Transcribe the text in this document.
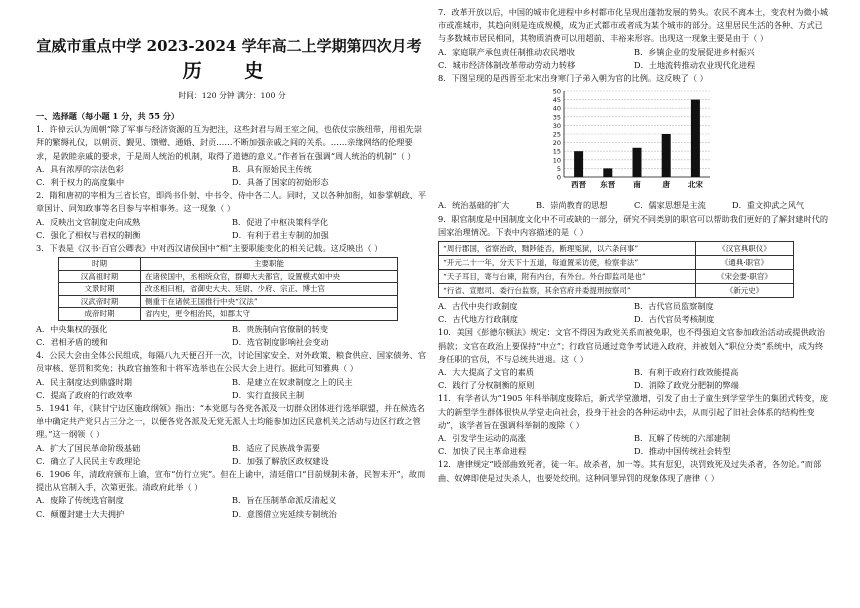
宣威市重点中学 2023-2024 学年高二上学期第四次月考
历 史
时间：120 分钟 满分：100 分
一、选择题（每小题 1 分，共 55 分）

1．许倬云认为周朝“除了军事与经济资源的互为把注，这些封君与周王室之间，也依仗宗族纽带，用祖先崇拜的繁缛礼仪，以朝贡、觐见、馈赠、通婚、封贡……不断加强亲戚之间的关系。……亲缘网络的伦理要求，是敦睦亲戚的要求，于是周人统治的机制，取得了道德的意义。”作者旨在强调“周人统治的机制”（ ）

A．具有浓厚的宗法色彩	B．具有原始民主传统
C．利于权力的高度集中	D．具备了国家的初始形态

2．隋和唐初的宰相为三省长官，即尚书仆射、中书令、侍中各二人。同时，又以各种加衔，如参掌朝政、平章国计、同知政事等名目参与宰相事务。这一现象（ ）

A．反映出文官制度走向成熟	B．促进了中枢决策科学化
C．强化了相权与君权的制衡	D．有利于君主专制的加强

3．下表是《汉书·百官公卿表》中对西汉诸侯国中“相”主要职能变化的相关记载。这反映出（ ）

时期	主要职能
汉高祖时期	在诸侯国中，丞相统众官，群卿大夫都官，设置模式如中央
文景时期	改丞相曰相，省御史大夫、廷尉、少府、宗正、博士官
汉武帝时期	侧重于在诸侯王国推行中央“汉法”
成帝时期	省内史，更令相治民，如郡太守
A．中央集权的强化	B．贵族制向官僚制的转变
C．君相矛盾的缓和	D．选官制度影响社会变动

4．公民大会由全体公民组成，每隔八九天便召开一次，讨论国家安全、对外政策、粮食供应、国家债务、官员审核、惩罚和奖免；执政官抽签和十将军选举也在公民大会上进行。据此可知雅典（ ）

A．民主制度达到鼎盛时期	B．是建立在奴隶制度之上的民主
C．提高了政府的行政效率	D．实行直接民主制

5．1941 年，《陕甘宁边区施政纲领》指出：“本党愿与各党各派及一切群众团体进行选举联盟，并在候选名单中确定共产党只占三分之一，以便各党各派及无党无派人士均能参加边区民意机关之活动与边区行政之管理。”这一纲领（ ）

A．扩大了国民革命阶级基础	B．适应了民族战争需要
C．确立了人民民主专政理论	D．加强了解放区政权建设

6．1906 年，清政府颁布上谕，宣布“仿行立宪”。但在上谕中，清廷借口“目前规制未备，民智未开”，故而提出从官制入手，次第更张。清政府此举（ ）

A．废除了传统选官制度	B．旨在压制革命派反清起义
C．颠覆封建士大夫拥护	D．意图借立宪延续专制统治

7．改革开放以后，中国的城市化进程中乡村都市化呈现出蓬勃发展的势头。农民不离本土，变农村为微小城市或准城市，其趋向则是连成规模，成为正式都市或者成为某个城市的部分。这里居民生活的各种、方式已与多数城市居民相同，其物质消费可以用超前、丰裕来形容。出现这一现象主要是由于（ ）

A．家庭联产承包责任制推动农民增收	B．乡镇企业的发展促进乡村振兴
C．城市经济体制改革带动劳动力转移	D．土地流转推动农业现代化进程

8．下图呈现的是西晋至北宋出身寒门子弟入朝为官的比例。这反映了（ ）

50
45
40
35
30
25
20
15
10
5
0
西晋 东晋 南	唐 北宋
A．统治基础的扩大	B．崇尚教育的思想	C．儒家思想是主流	D．重文抑武之风气

9．职官制度是中国制度文化中不可或缺的一部分，研究不同类别的职官可以帮助我们更好的了解封建时代的国家治理情况。下表中内容描述的是（ ）

“周行郡国，省察治政，黜陟能否，断理冤狱，以六条问事”	《汉官典职仪》
“开元二十一年，分天下十五道，每道置采访使，检察非法”	《通典·职官》
“天子耳目，寄与台谏，附有内台，有外台。外台即监司是也”	《宋会要·职官》
“行省、宣慰司、委行台监察，其余官府并委提刑按察司”	《新元史》
A．古代中央行政制度	B．古代官员监察制度
C．古代地方行政制度	D．古代官员考核制度

10．美国《彭德尔顿法》规定：文官不得因为政党关系而被免职，也不得强迫文官参加政治活动或提供政治捐款；文官在政治上要保持“中立”；行政官员通过竞争考试进入政府，并被划入“职位分类”系统中，成为终身任职的官员，不与总统共进退。这（ ）

A．大大提高了文官的素质	B．有利于政府行政效能提高
C．践行了分权制衡的原则	D．消除了政党分肥制的弊端

11．有学者认为“1905 年科举制度废除后，新式学堂激增，引发了由士子童生到学堂学生的集团式转变，庞大的新型学生群体很快从学堂走向社会，投身于社会的各种运动中去，从而引起了旧社会体系的结构性变动”，该学者旨在强调科举制的废除（ ）

A．引发学生运动的高涨	B．瓦解了传统的六部建制
C．加快了民主革命进程	D．推动中国传统社会转型

12．唐律规定“殴部曲致死者，徒一年。故杀者，加一等。其有愆犯，决罚致死及过失杀者，各勿论。”而部曲、奴婢即使是过失杀人，也要处绞刑。这种同罪异罚的现象体现了唐律（ ）
